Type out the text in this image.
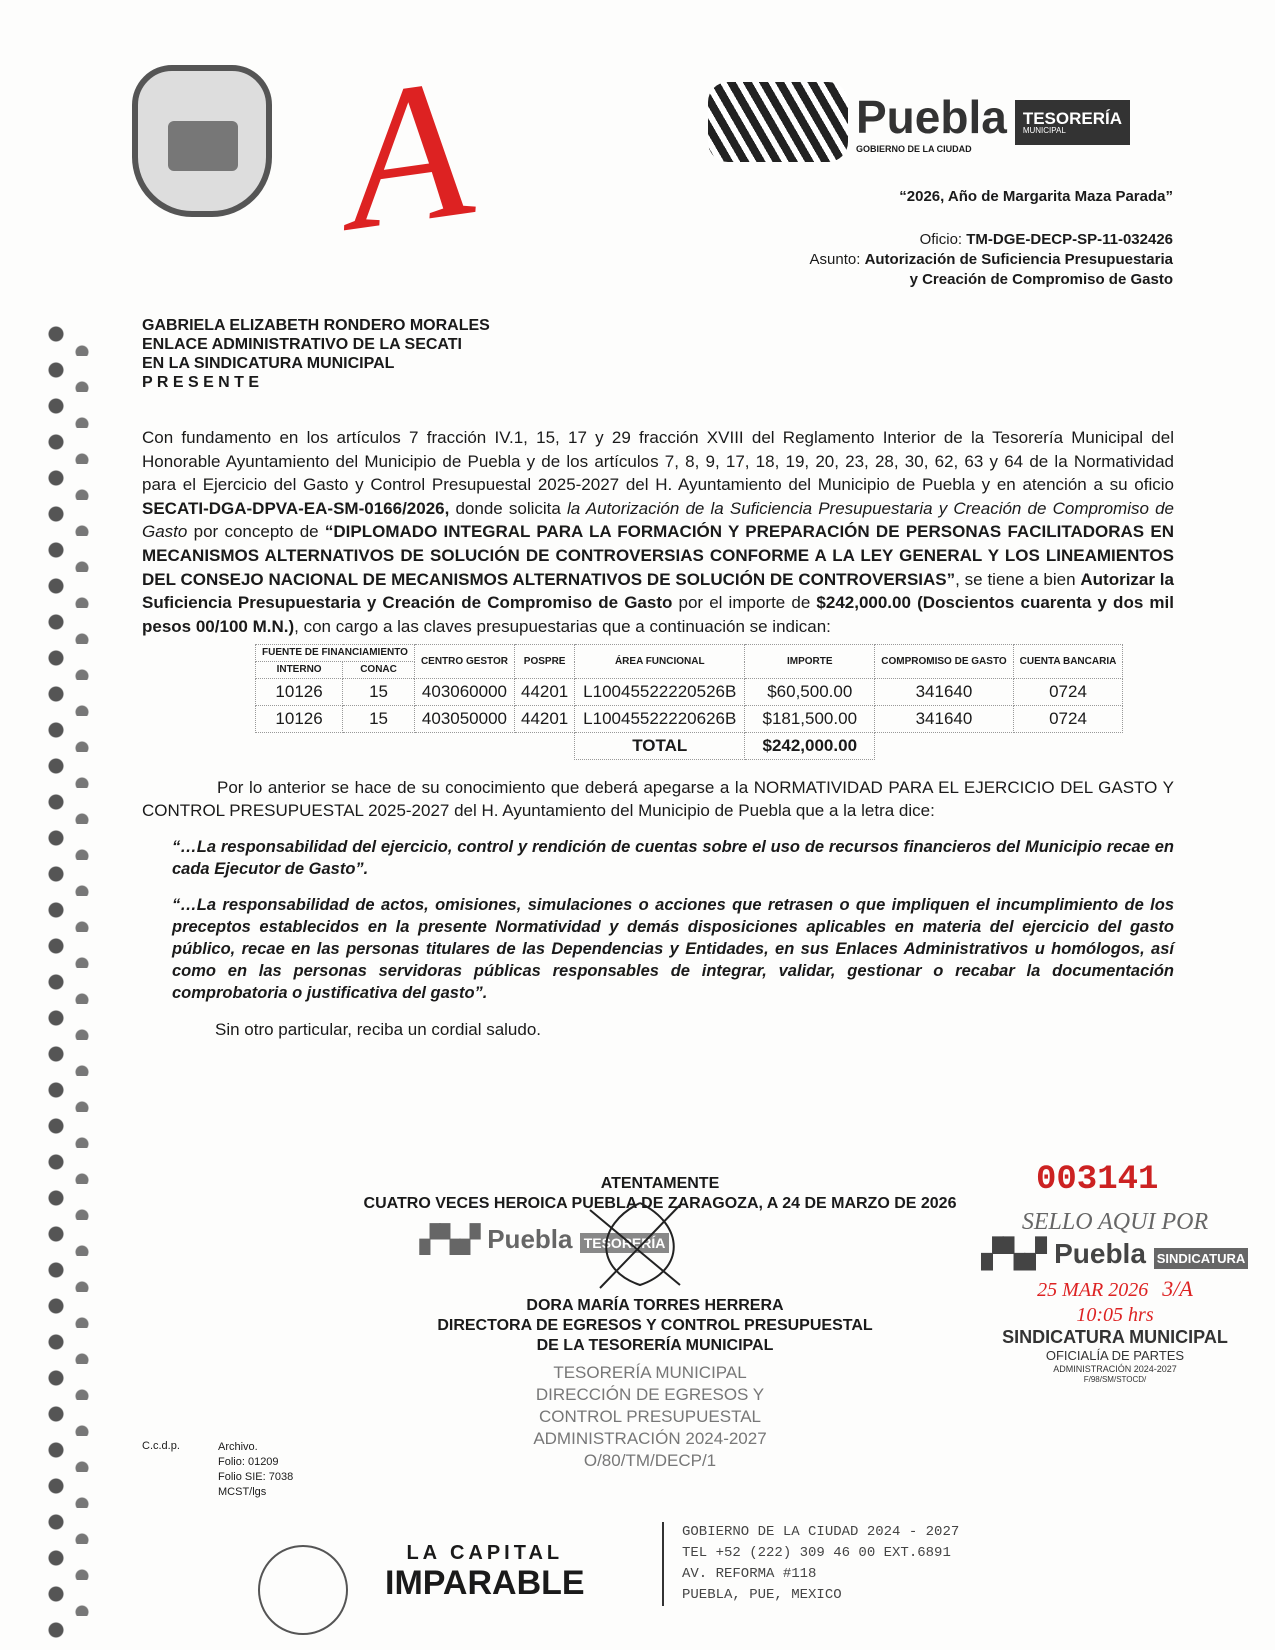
A	Puebla
GOBIERNO DE LA CIUDAD
TESORERÍA
MUNICIPAL
“2026, Año de Margarita Maza Parada”
Oficio: TM-DGE-DECP-SP-11-032426
Asunto: Autorización de Suficiencia Presupuestaria
y Creación de Compromiso de Gasto
GABRIELA ELIZABETH RONDERO MORALES
ENLACE ADMINISTRATIVO DE LA SECATI
EN LA SINDICATURA MUNICIPAL
P R E S E N T E
Con fundamento en los artículos 7 fracción IV.1, 15, 17 y 29 fracción XVIII del Reglamento Interior de la Tesorería Municipal del Honorable Ayuntamiento del Municipio de Puebla y de los artículos 7, 8, 9, 17, 18, 19, 20, 23, 28, 30, 62, 63 y 64 de la Normatividad para el Ejercicio del Gasto y Control Presupuestal 2025-2027 del H. Ayuntamiento del Municipio de Puebla y en atención a su oficio SECATI-DGA-DPVA-EA-SM-0166/2026, donde solicita la Autorización de la Suficiencia Presupuestaria y Creación de Compromiso de Gasto por concepto de “DIPLOMADO INTEGRAL PARA LA FORMACIÓN Y PREPARACIÓN DE PERSONAS FACILITADORAS EN MECANISMOS ALTERNATIVOS DE SOLUCIÓN DE CONTROVERSIAS CONFORME A LA LEY GENERAL Y LOS LINEAMIENTOS DEL CONSEJO NACIONAL DE MECANISMOS ALTERNATIVOS DE SOLUCIÓN DE CONTROVERSIAS”, se tiene a bien Autorizar la Suficiencia Presupuestaria y Creación de Compromiso de Gasto por el importe de $242,000.00 (Doscientos cuarenta y dos mil pesos 00/100 M.N.), con cargo a las claves presupuestarias que a continuación se indican:
FUENTE DE FINANCIAMIENTO		CENTRO GESTOR	POSPRE	ÁREA FUNCIONAL	IMPORTE	COMPROMISO DE GASTO	CUENTA BANCARIA
INTERNO	CONAC						
10126	15	403060000	44201	L10045522220526B	$60,500.00	341640	0724
10126	15	403050000	44201	L10045522220626B	$181,500.00	341640	0724
				TOTAL	$242,000.00		
Por lo anterior se hace de su conocimiento que deberá apegarse a la NORMATIVIDAD PARA EL EJERCICIO DEL GASTO Y CONTROL PRESUPUESTAL 2025-2027 del H. Ayuntamiento del Municipio de Puebla que a la letra dice:
“…La responsabilidad del ejercicio, control y rendición de cuentas sobre el uso de recursos financieros del Municipio recae en cada Ejecutor de Gasto”.
“…La responsabilidad de actos, omisiones, simulaciones o acciones que retrasen o que impliquen el incumplimiento de los preceptos establecidos en la presente Normatividad y demás disposiciones aplicables en materia del ejercicio del gasto público, recae en las personas titulares de las Dependencias y Entidades, en sus Enlaces Administrativos u homólogos, así como en las personas servidoras públicas responsables de integrar, validar, gestionar o recabar la documentación comprobatoria o justificativa del gasto”.
Sin otro particular, reciba un cordial saludo.
ATENTAMENTE
CUATRO VECES HEROICA PUEBLA DE ZARAGOZA, A 24 DE MARZO DE 2026
003141
▞▚▞ Puebla TESORERÍA
DORA MARÍA TORRES HERRERA
DIRECTORA DE EGRESOS Y CONTROL PRESUPUESTAL
DE LA TESORERÍA MUNICIPAL
TESORERÍA MUNICIPAL
DIRECCIÓN DE EGRESOS Y
CONTROL PRESUPUESTAL
ADMINISTRACIÓN 2024-2027
O/80/TM/DECP/1
SELLO AQUI POR
▞▚▞ Puebla SINDICATURA
25 MAR 2026 3/A
10:05 hrs
SINDICATURA MUNICIPAL
OFICIALÍA DE PARTES
ADMINISTRACIÓN 2024-2027
F/98/SM/STOCD/
C.c.d.p.	Archivo.
Folio: 01209
Folio SIE: 7038
MCST/lgs
LA CAPITAL
IMPARABLE
GOBIERNO DE LA CIUDAD 2024 - 2027
TEL +52 (222) 309 46 00 EXT.6891
AV. REFORMA #118
PUEBLA, PUE, MEXICO
